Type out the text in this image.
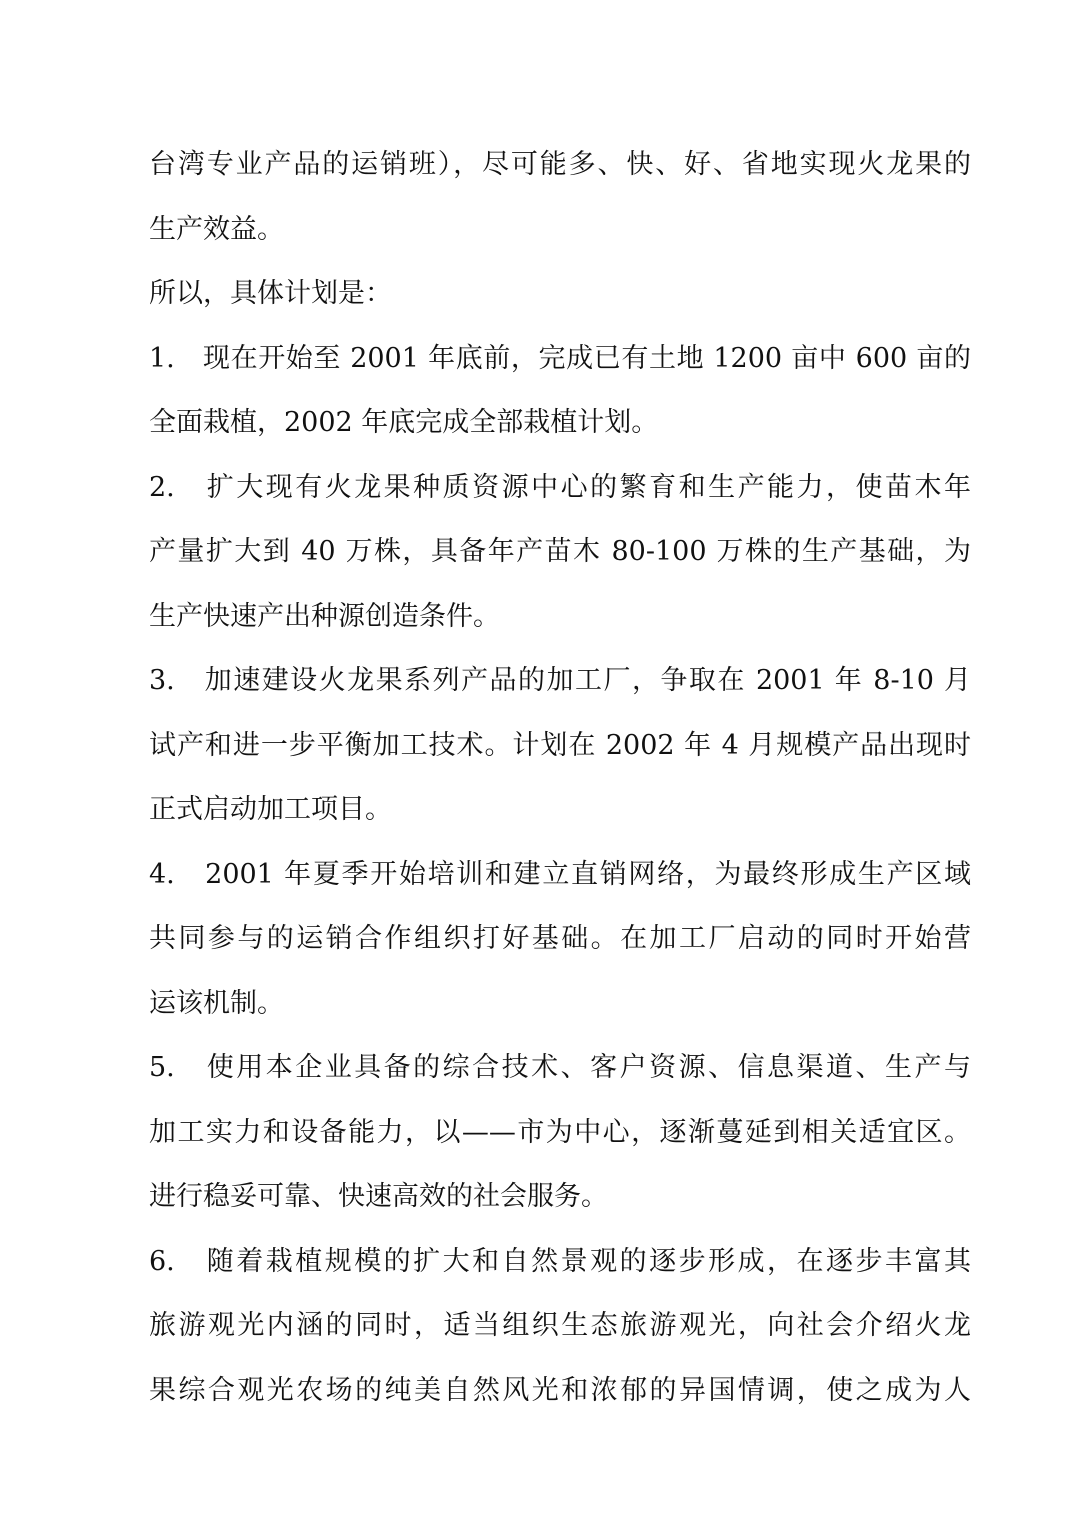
台湾专业产品的运销班），尽可能多、快、好、省地实现火龙果的
生产效益。
所以，具体计划是：
1.　现在开始至 2001 年底前，完成已有土地 1200 亩中 600 亩的
全面栽植，2002 年底完成全部栽植计划。
2.　扩大现有火龙果种质资源中心的繁育和生产能力，使苗木年
产量扩大到 40 万株，具备年产苗木 80-100 万株的生产基础，为
生产快速产出种源创造条件。
3.　加速建设火龙果系列产品的加工厂，争取在 2001 年 8-10 月
试产和进一步平衡加工技术。计划在 2002 年 4 月规模产品出现时
正式启动加工项目。
4.　2001 年夏季开始培训和建立直销网络，为最终形成生产区域
共同参与的运销合作组织打好基础。在加工厂启动的同时开始营
运该机制。
5.　使用本企业具备的综合技术、客户资源、信息渠道、生产与
加工实力和设备能力，以——市为中心，逐渐蔓延到相关适宜区。
进行稳妥可靠、快速高效的社会服务。
6.　随着栽植规模的扩大和自然景观的逐步形成，在逐步丰富其
旅游观光内涵的同时，适当组织生态旅游观光，向社会介绍火龙
果综合观光农场的纯美自然风光和浓郁的异国情调，使之成为人
